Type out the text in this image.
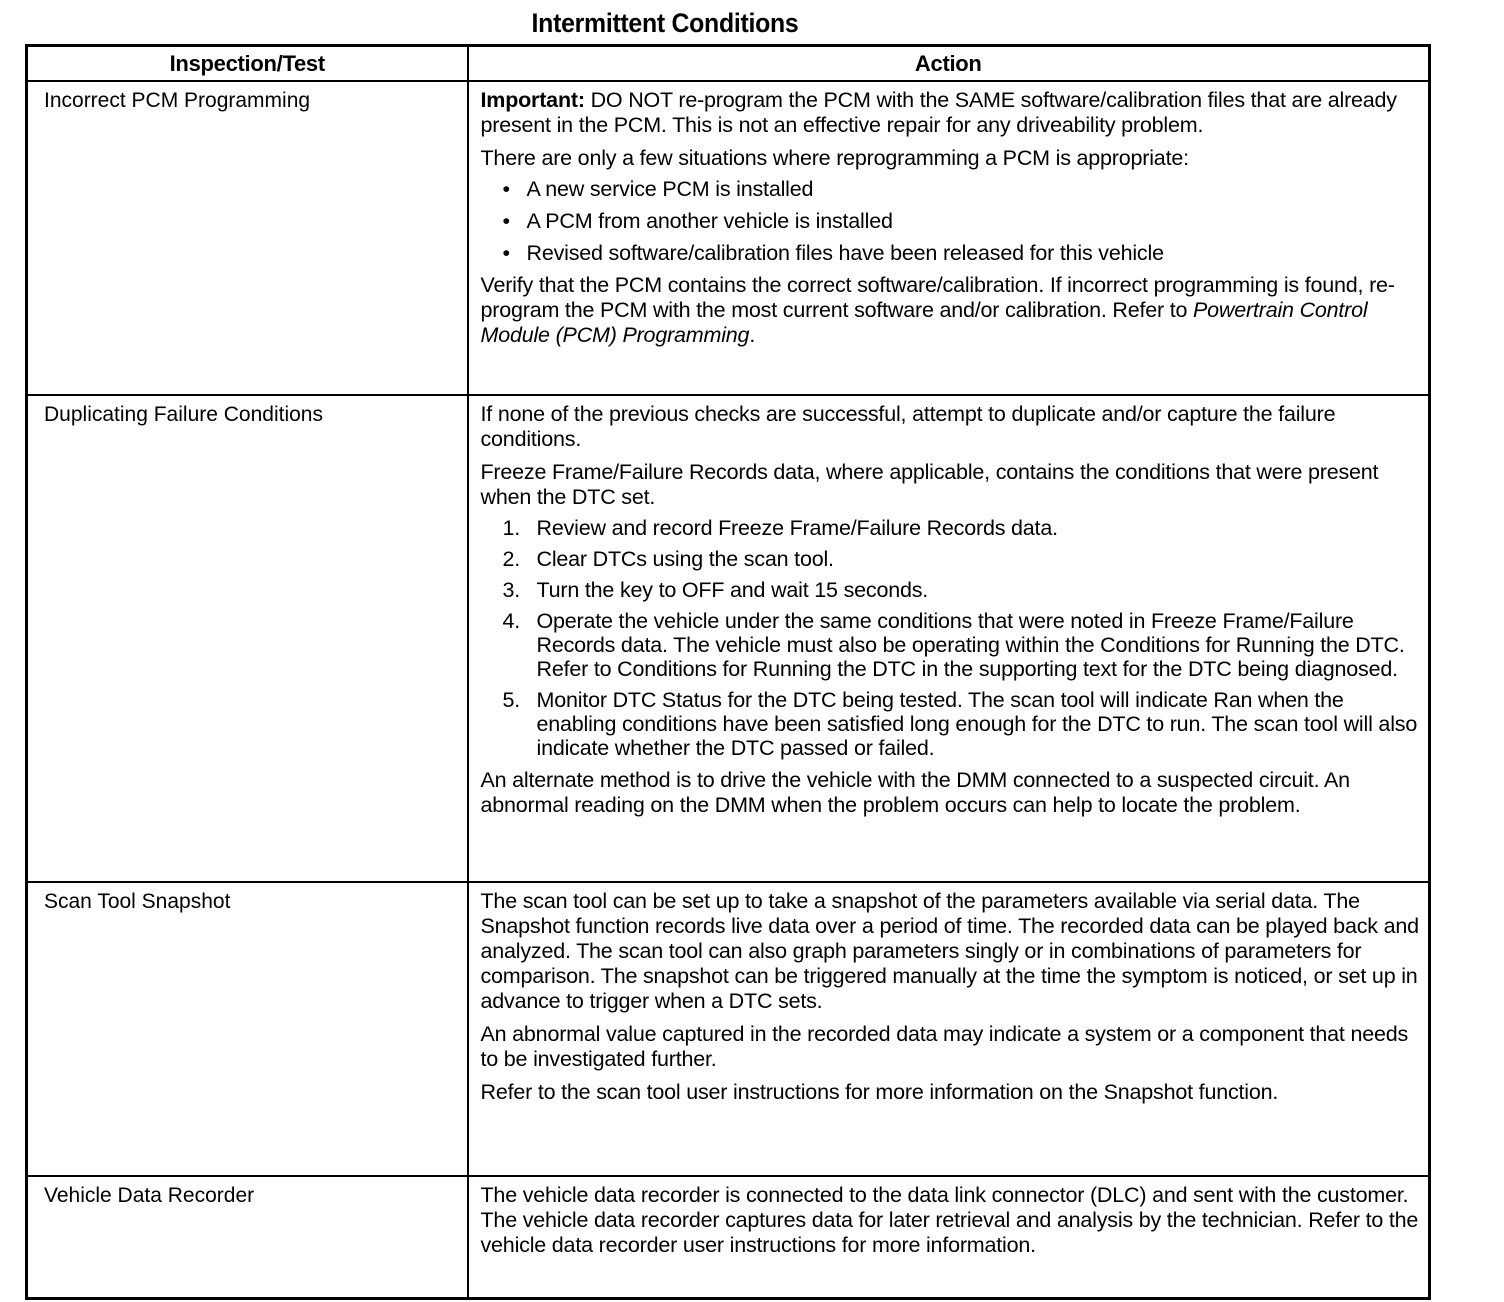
Intermittent Conditions
Inspection/Test	Action
Incorrect PCM Programming	Important: DO NOT re-program the PCM with the SAME software/calibration files that are already present in the PCM. This is not an effective repair for any driveability problem.

There are only a few situations where reprogramming a PCM is appropriate:

• A new service PCM is installed
• A PCM from another vehicle is installed
• Revised software/calibration files have been released for this vehicle

Verify that the PCM contains the correct software/calibration. If incorrect programming is found, re-program the PCM with the most current software and/or calibration. Refer to Powertrain Control Module (PCM) Programming.

Duplicating Failure Conditions	If none of the previous checks are successful, attempt to duplicate and/or capture the failure conditions.

Freeze Frame/Failure Records data, where applicable, contains the conditions that were present when the DTC set.

1. Review and record Freeze Frame/Failure Records data.
2. Clear DTCs using the scan tool.
3. Turn the key to OFF and wait 15 seconds.
4. Operate the vehicle under the same conditions that were noted in Freeze Frame/Failure Records data. The vehicle must also be operating within the Conditions for Running the DTC. Refer to Conditions for Running the DTC in the supporting text for the DTC being diagnosed.
5. Monitor DTC Status for the DTC being tested. The scan tool will indicate Ran when the enabling conditions have been satisfied long enough for the DTC to run. The scan tool will also indicate whether the DTC passed or failed.

An alternate method is to drive the vehicle with the DMM connected to a suspected circuit. An abnormal reading on the DMM when the problem occurs can help to locate the problem.

Scan Tool Snapshot	The scan tool can be set up to take a snapshot of the parameters available via serial data. The Snapshot function records live data over a period of time. The recorded data can be played back and analyzed. The scan tool can also graph parameters singly or in combinations of parameters for comparison. The snapshot can be triggered manually at the time the symptom is noticed, or set up in advance to trigger when a DTC sets.

An abnormal value captured in the recorded data may indicate a system or a component that needs to be investigated further.

Refer to the scan tool user instructions for more information on the Snapshot function.

Vehicle Data Recorder	The vehicle data recorder is connected to the data link connector (DLC) and sent with the customer. The vehicle data recorder captures data for later retrieval and analysis by the technician. Refer to the vehicle data recorder user instructions for more information.
